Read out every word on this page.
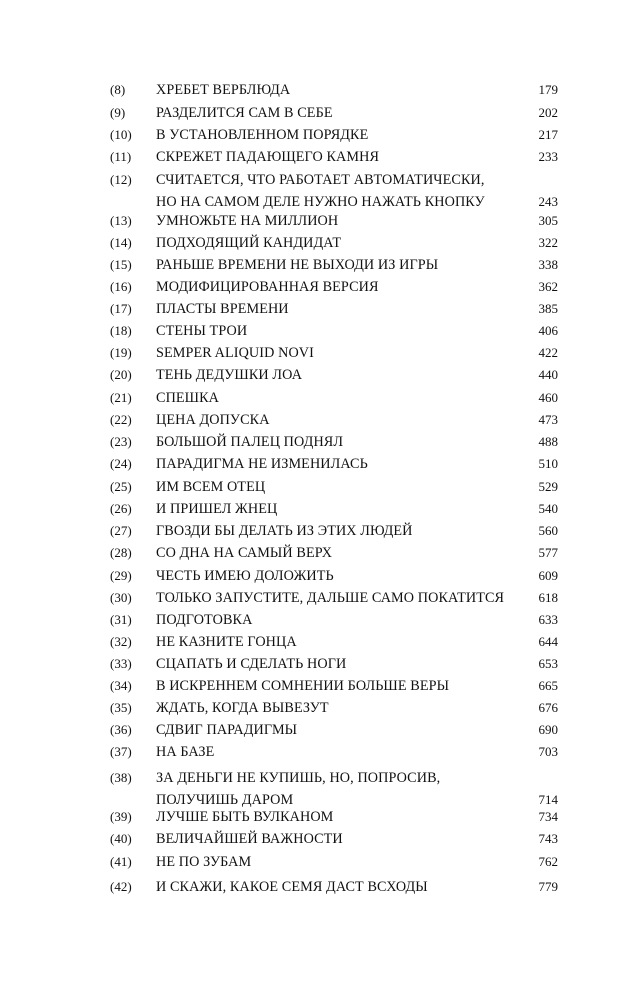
(8) ХРЕБЕТ ВЕРБЛЮДА	179
(9) РАЗДЕЛИТСЯ САМ В СЕБЕ	202
(10) В УСТАНОВЛЕННОМ ПОРЯДКЕ	217
(11) СКРЕЖЕТ ПАДАЮЩЕГО КАМНЯ	233
(12) СЧИТАЕТСЯ, ЧТО РАБОТАЕТ АВТОМАТИЧЕСКИ,
НО НА САМОМ ДЕЛЕ НУЖНО НАЖАТЬ КНОПКУ	243
(13) УМНОЖЬТЕ НА МИЛЛИОН	305
(14) ПОДХОДЯЩИЙ КАНДИДАТ	322
(15) РАНЬШЕ ВРЕМЕНИ НЕ ВЫХОДИ ИЗ ИГРЫ	338
(16) МОДИФИЦИРОВАННАЯ ВЕРСИЯ	362
(17) ПЛАСТЫ ВРЕМЕНИ	385
(18) СТЕНЫ ТРОИ	406
(19) SEMPER ALIQUID NOVI	422
(20) ТЕНЬ ДЕДУШКИ ЛОА	440
(21) СПЕШКА	460
(22) ЦЕНА ДОПУСКА	473
(23) БОЛЬШОЙ ПАЛЕЦ ПОДНЯЛ	488
(24) ПАРАДИГМА НЕ ИЗМЕНИЛАСЬ	510
(25) ИМ ВСЕМ ОТЕЦ	529
(26) И ПРИШЕЛ ЖНЕЦ	540
(27) ГВОЗДИ БЫ ДЕЛАТЬ ИЗ ЭТИХ ЛЮДЕЙ	560
(28) СО ДНА НА САМЫЙ ВЕРХ	577
(29) ЧЕСТЬ ИМЕЮ ДОЛОЖИТЬ	609
(30) ТОЛЬКО ЗАПУСТИТЕ, ДАЛЬШЕ САМО ПОКАТИТСЯ	618
(31) ПОДГОТОВКА	633
(32) НЕ КАЗНИТЕ ГОНЦА	644
(33) СЦАПАТЬ И СДЕЛАТЬ НОГИ	653
(34) В ИСКРЕННЕМ СОМНЕНИИ БОЛЬШЕ ВЕРЫ	665
(35) ЖДАТЬ, КОГДА ВЫВЕЗУТ	676
(36) СДВИГ ПАРАДИГМЫ	690
(37) НА БАЗЕ	703
(38) ЗА ДЕНЬГИ НЕ КУПИШЬ, НО, ПОПРОСИВ,
ПОЛУЧИШЬ ДАРОМ	714
(39) ЛУЧШЕ БЫТЬ ВУЛКАНОМ	734
(40) ВЕЛИЧАЙШЕЙ ВАЖНОСТИ	743
(41) НЕ ПО ЗУБАМ	762
(42) И СКАЖИ, КАКОЕ СЕМЯ ДАСТ ВСХОДЫ	779
